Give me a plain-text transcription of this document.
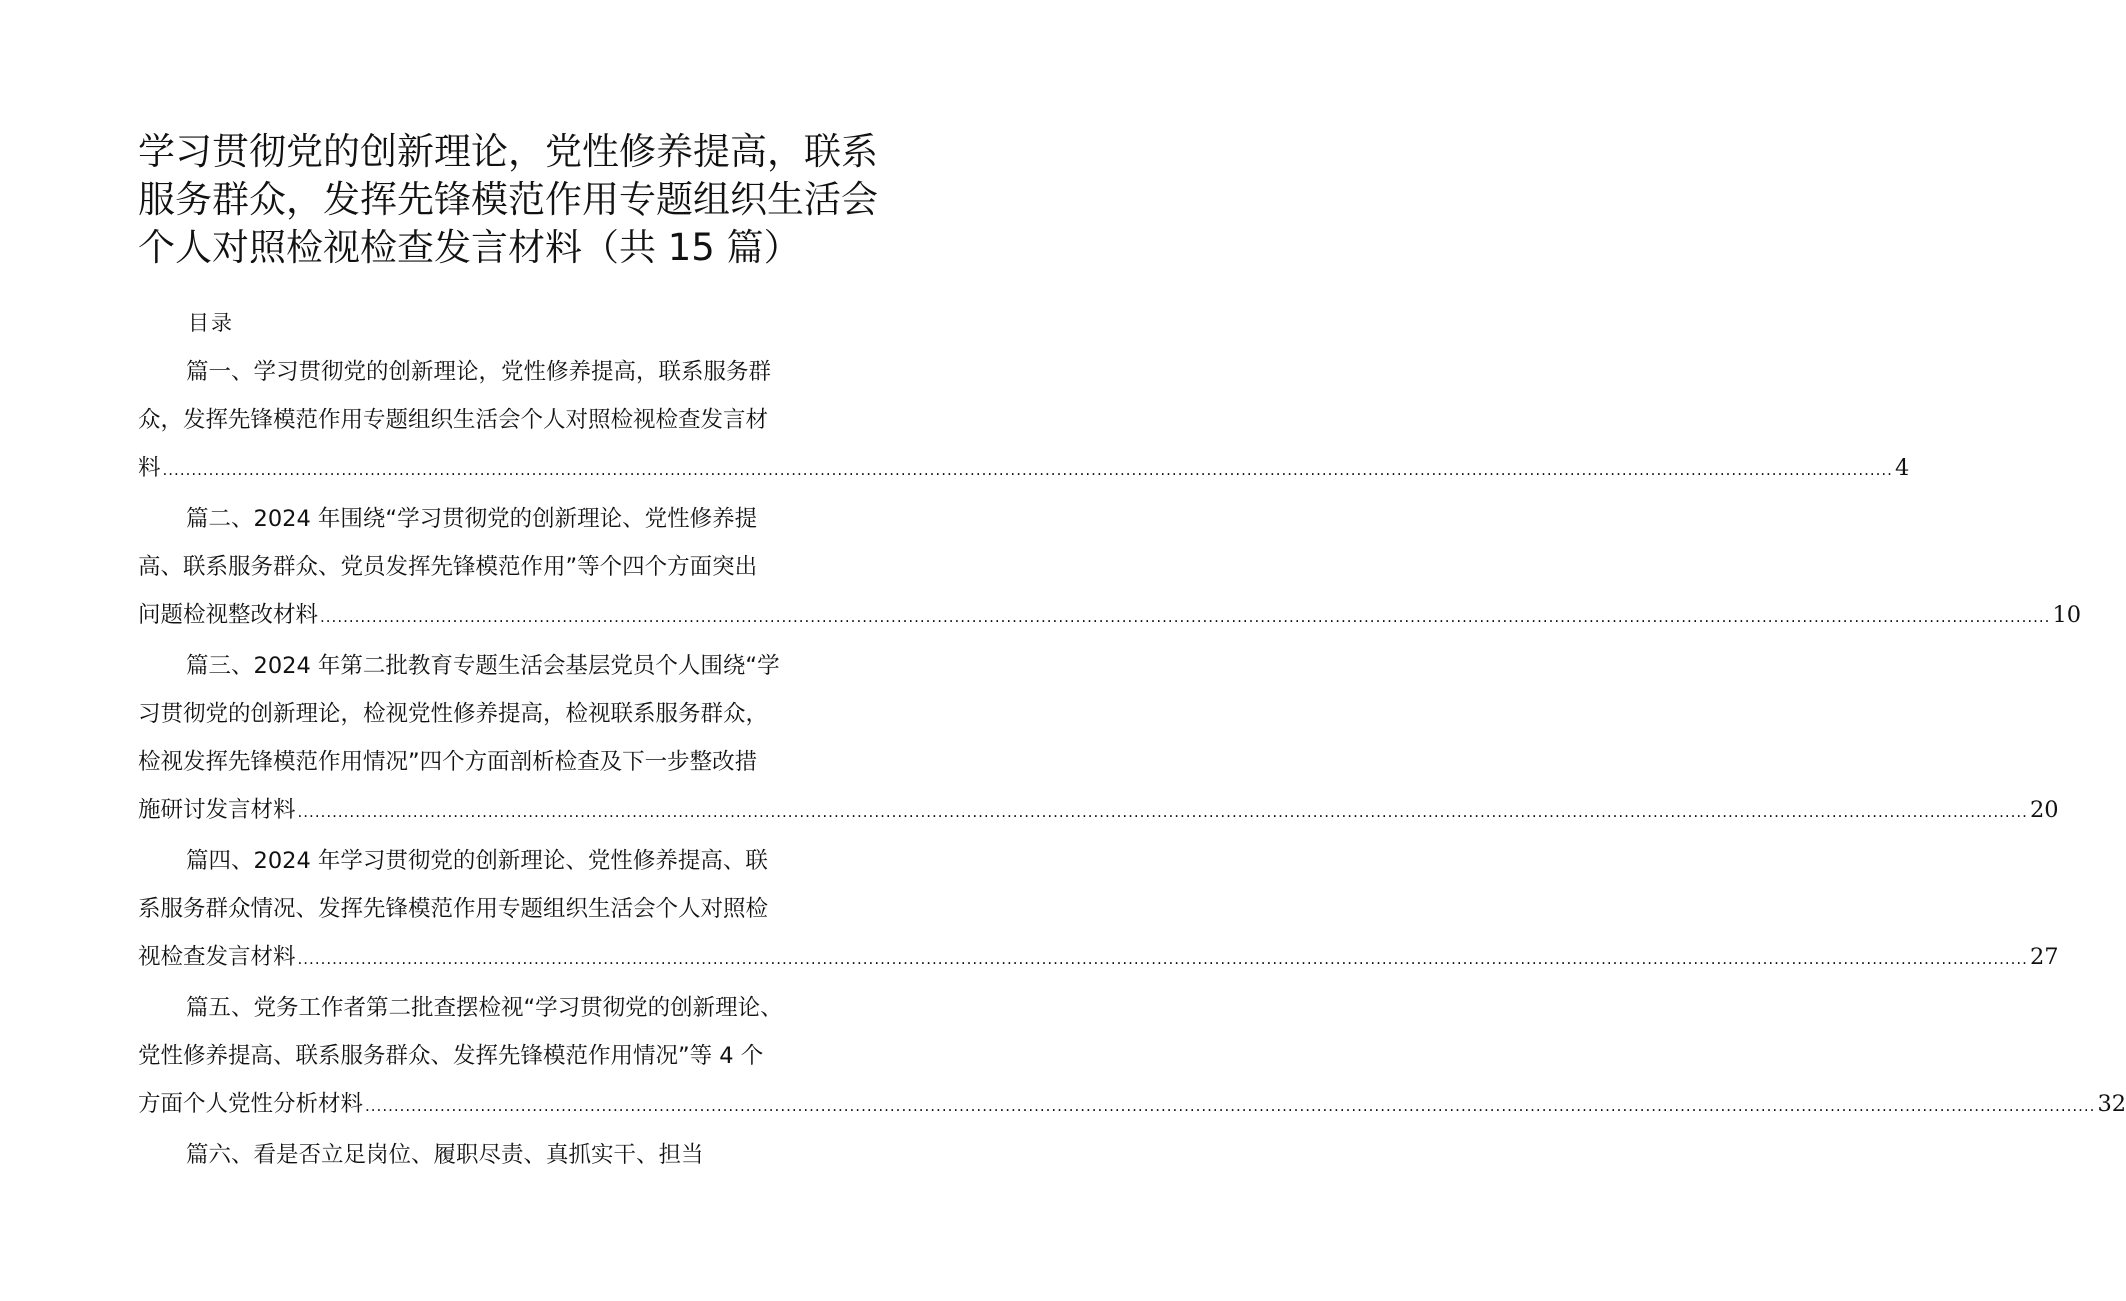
学习贯彻党的创新理论，党性修养提高，联系
服务群众，发挥先锋模范作用专题组织生活会
个人对照检视检查发言材料（共 15 篇）
目录
篇一、学习贯彻党的创新理论，党性修养提高，联系服务群
众，发挥先锋模范作用专题组织生活会个人对照检视检查发言材
料 ............................................................................................................................................................................................................................................................................................................ 4
篇二、2024 年围绕“学习贯彻党的创新理论、党性修养提
高、联系服务群众、党员发挥先锋模范作用”等个四个方面突出
问题检视整改材料 ............................................................................................................................................................................................................................................................................................................ 10
篇三、2024 年第二批教育专题生活会基层党员个人围绕“学
习贯彻党的创新理论，检视党性修养提高，检视联系服务群众，
检视发挥先锋模范作用情况”四个方面剖析检查及下一步整改措
施研讨发言材料 ............................................................................................................................................................................................................................................................................................................ 20
篇四、2024 年学习贯彻党的创新理论、党性修养提高、联
系服务群众情况、发挥先锋模范作用专题组织生活会个人对照检
视检查发言材料 ............................................................................................................................................................................................................................................................................................................ 27
篇五、党务工作者第二批查摆检视“学习贯彻党的创新理论、
党性修养提高、联系服务群众、发挥先锋模范作用情况”等 4 个
方面个人党性分析材料 ............................................................................................................................................................................................................................................................................................................ 32
篇六、看是否立足岗位、履职尽责、真抓实干、担当
